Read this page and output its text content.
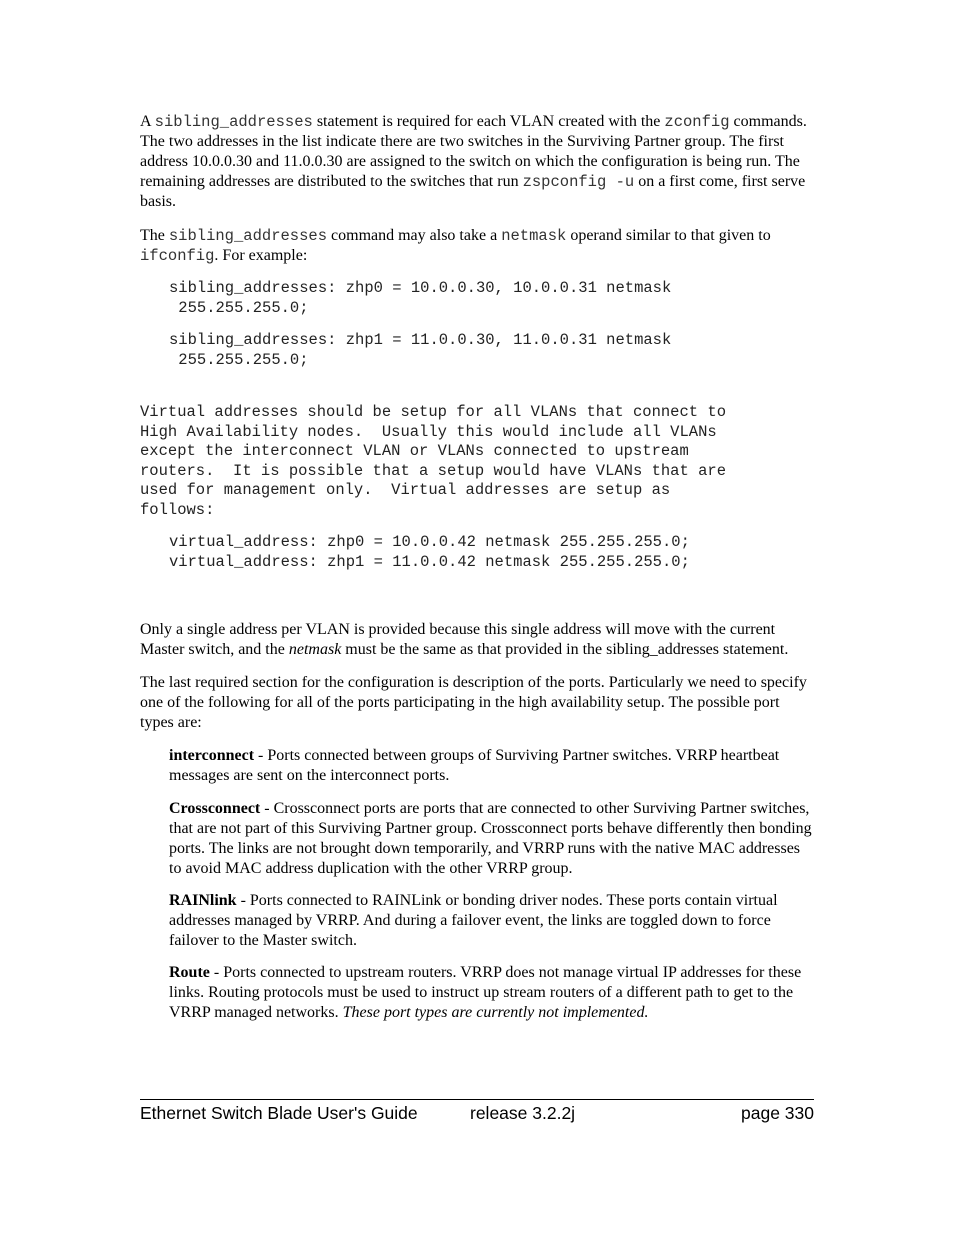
A sibling_addresses statement is required for each VLAN created with the zconfig commands. The two addresses in the list indicate there are two switches in the Surviving Partner group. The first address 10.0.0.30 and 11.0.0.30 are assigned to the switch on which the configuration is being run. The remaining addresses are distributed to the switches that run zspconfig -u on a first come, first serve basis.

The sibling_addresses command may also take a netmask operand similar to that given to ifconfig. For example:

sibling_addresses: zhp0 = 10.0.0.30, 10.0.0.31 netmask
255.255.255.0;
sibling_addresses: zhp1 = 11.0.0.30, 11.0.0.31 netmask
255.255.255.0;
Virtual addresses should be setup for all VLANs that connect to
High Availability nodes.  Usually this would include all VLANs
except the interconnect VLAN or VLANs connected to upstream
routers.  It is possible that a setup would have VLANs that are
used for management only.  Virtual addresses are setup as
follows:
virtual_address: zhp0 = 10.0.0.42 netmask 255.255.255.0;
virtual_address: zhp1 = 11.0.0.42 netmask 255.255.255.0;

Only a single address per VLAN is provided because this single address will move with the current Master switch, and the netmask must be the same as that provided in the sibling_addresses statement.

The last required section for the configuration is description of the ports. Particularly we need to specify one of the following for all of the ports participating in the high availability setup. The possible port types are:

interconnect - Ports connected between groups of Surviving Partner switches. VRRP heartbeat messages are sent on the interconnect ports.

Crossconnect - Crossconnect ports are ports that are connected to other Surviving Partner switches, that are not part of this Surviving Partner group. Crossconnect ports behave differently then bonding ports. The links are not brought down temporarily, and VRRP runs with the native MAC addresses to avoid MAC address duplication with the other VRRP group.

RAINlink - Ports connected to RAINLink or bonding driver nodes. These ports contain virtual addresses managed by VRRP. And during a failover event, the links are toggled down to force failover to the Master switch.

Route - Ports connected to upstream routers. VRRP does not manage virtual IP addresses for these links. Routing protocols must be used to instruct up stream routers of a different path to get to the VRRP managed networks. These port types are currently not implemented.

Ethernet Switch Blade User's Guide	release 3.2.2j	page 330
